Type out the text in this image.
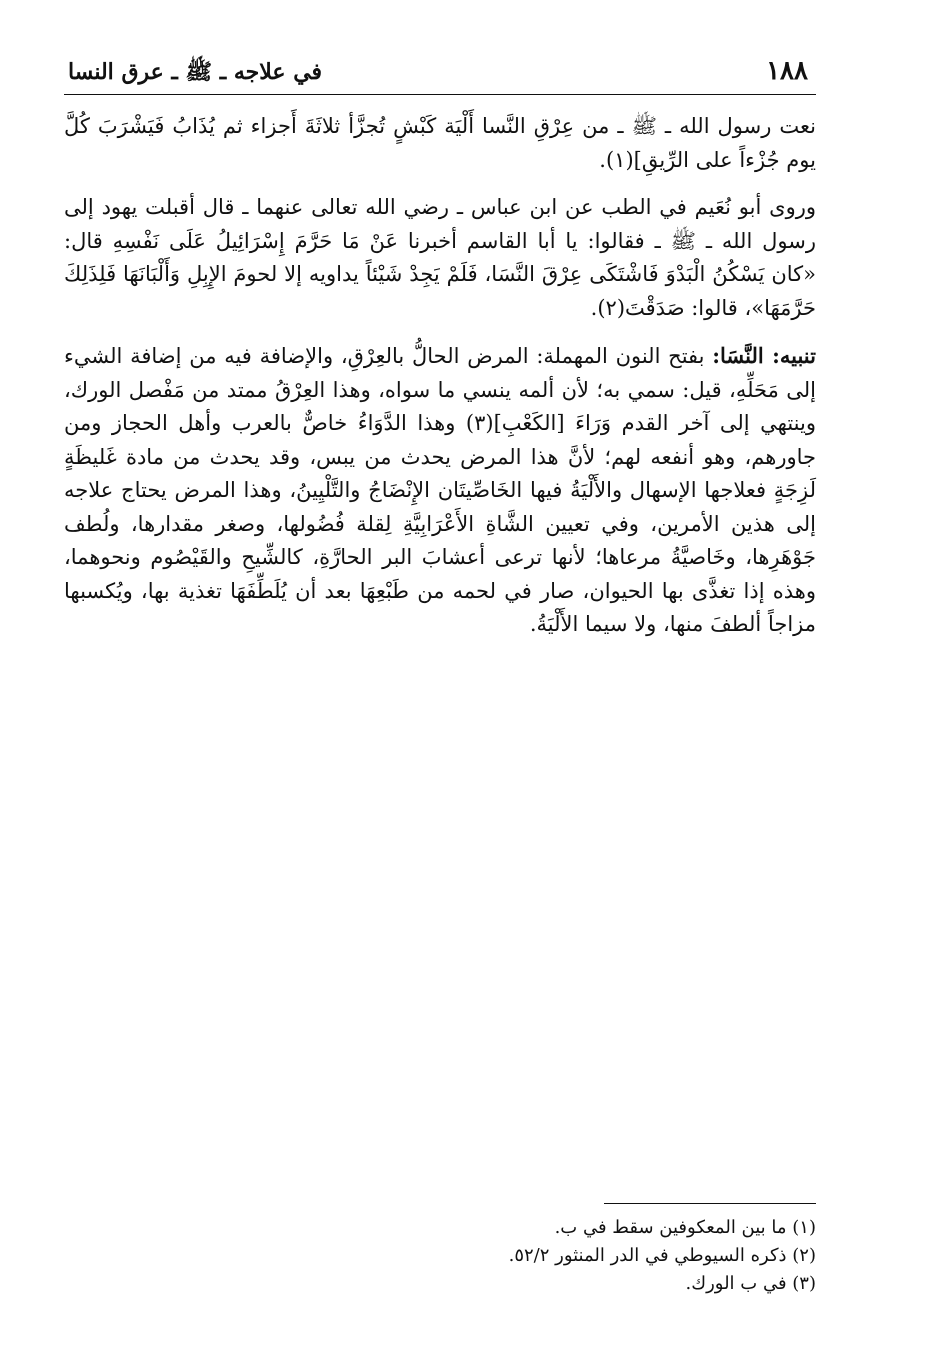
١٨٨
في علاجه ـ ﷺ ـ عرق النسا

نعت رسول الله ـ ﷺ ـ من عِرْقِ النَّسا أَلْيَة كَبْشٍ تُجزَّأ ثلاثَةَ أَجزاء ثم يُذَابُ فَيَشْرَبَ كُلَّ يوم جُزْءاً على الرِّيقِ](١).

وروى أبو نُعَيم في الطب عن ابن عباس ـ رضي الله تعالى عنهما ـ قال أقبلت يهود إلى رسول الله ـ ﷺ ـ فقالوا: يا أبا القاسم أخبرنا عَنْ مَا حَرَّمَ إِسْرَائِيلُ عَلَى نَفْسِهِ قال: «كان يَسْكُنُ الْبَدْوَ فَاشْتَكَى عِرْقَ النَّسَا، فَلَمْ يَجِدْ شَيْئاً يداويه إلا لحومَ الإِبِلِ وَأَلْبَانَهَا فَلِذَلِكَ حَرَّمَهَا»، قالوا: صَدَقْتَ(٢).

تنبيه: النَّسَا: بفتح النون المهملة: المرض الحالُّ بالعِرْقِ، والإضافة فيه من إضافة الشيء إلى مَحَلِّهِ، قيل: سمي به؛ لأن ألمه ينسي ما سواه، وهذا العِرْقُ ممتد من مَفْصل الورك، وينتهي إلى آخر القدم وَرَاءَ [الكَعْبِ](٣) وهذا الدَّوَاءُ خاصٌّ بالعرب وأهل الحجاز ومن جاورهم، وهو أنفعه لهم؛ لأنَّ هذا المرض يحدث من يبس، وقد يحدث من مادة غَليظَةٍ لَزِجَةٍ فعلاجها الإسهال والأَلْيَةُ فيها الخَاصِّيتَان الإِنْضَاجُ والتَّلْيِينُ، وهذا المرض يحتاج علاجه إلى هذين الأمرين، وفي تعيين الشَّاةِ الأَعْرَابِيَّةِ لِقلة فُضُولها، وصغر مقدارها، ولُطف جَوْهَرِها، وخَاصيَّةُ مرعاها؛ لأنها ترعى أعشابَ البر الحارَّةِ، كالشِّيحِ والقَيْصُوم ونحوهما، وهذه إذا تغذَّى بها الحيوان، صار في لحمه من طَبْعِهَا بعد أن يُلَطِّفَهَا تغذية بها، ويُكسبها مزاجاً ألطفَ منها، ولا سيما الأَلْيَةُ.

(١) ما بين المعكوفين سقط في ب.

(٢) ذكره السيوطي في الدر المنثور ٥٢/٢.

(٣) في ب الورك.
